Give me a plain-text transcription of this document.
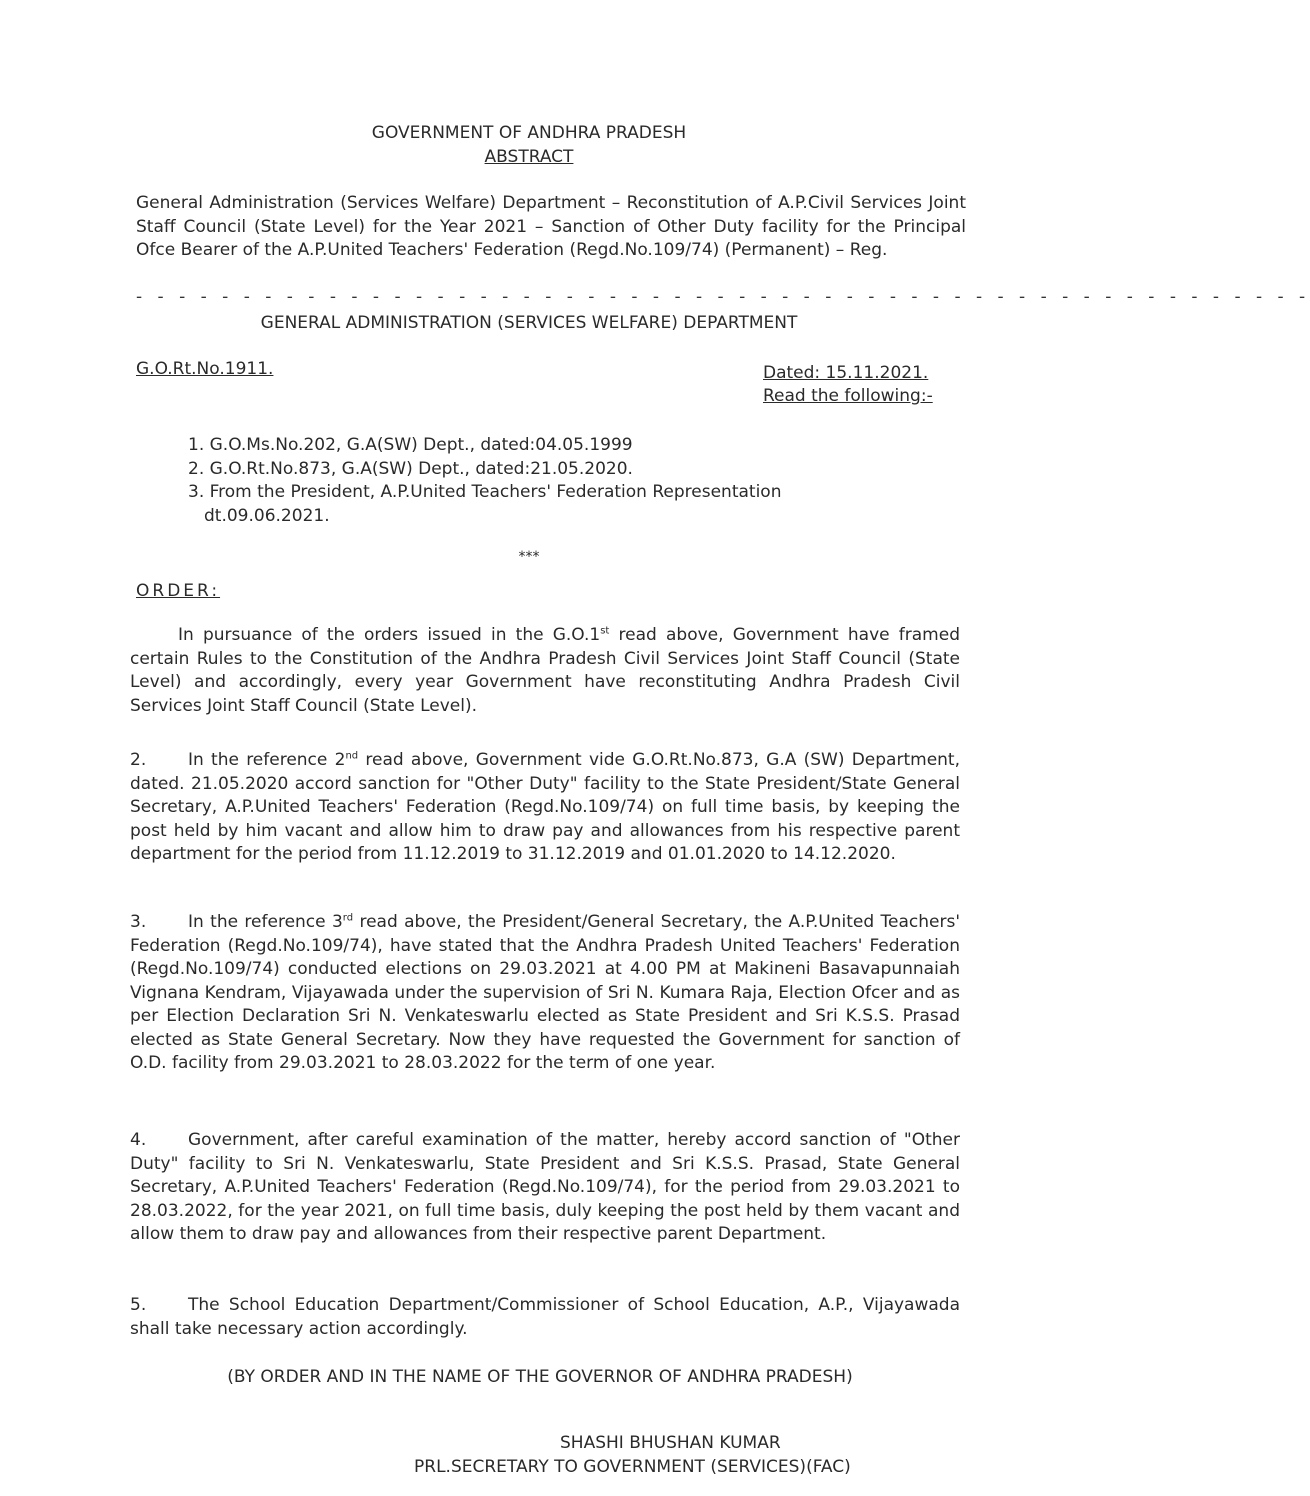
GOVERNMENT OF ANDHRA PRADESH
ABSTRACT
General Administration (Services Welfare) Department – Reconstitution of A.P.Civil Services Joint Staff Council (State Level) for the Year 2021 – Sanction of Other Duty facility for the Principal Ofce Bearer of the A.P.United Teachers' Federation (Regd.No.109/74) (Permanent) – Reg.
- - - - - - - - - - - - - - - - - - - - - - - - - - - - - - - - - - - - - - - - - - - - - - - - - - - - - - -
GENERAL ADMINISTRATION (SERVICES WELFARE) DEPARTMENT
G.O.Rt.No.1911.	Dated: 15.11.2021.
Read the following:-
1. G.O.Ms.No.202, G.A(SW) Dept., dated:04.05.1999
2. G.O.Rt.No.873, G.A(SW) Dept., dated:21.05.2020.
3. From the President, A.P.United Teachers' Federation Representation
dt.09.06.2021.
***
ORDER:
In pursuance of the orders issued in the G.O.1st read above, Government have framed certain Rules to the Constitution of the Andhra Pradesh Civil Services Joint Staff Council (State Level) and accordingly, every year Government have reconstituting Andhra Pradesh Civil Services Joint Staff Council (State Level).
2. In the reference 2nd read above, Government vide G.O.Rt.No.873, G.A (SW) Department, dated. 21.05.2020 accord sanction for "Other Duty" facility to the State President/State General Secretary, A.P.United Teachers' Federation (Regd.No.109/74) on full time basis, by keeping the post held by him vacant and allow him to draw pay and allowances from his respective parent department for the period from 11.12.2019 to 31.12.2019 and 01.01.2020 to 14.12.2020.
3. In the reference 3rd read above, the President/General Secretary, the A.P.United Teachers' Federation (Regd.No.109/74), have stated that the Andhra Pradesh United Teachers' Federation (Regd.No.109/74) conducted elections on 29.03.2021 at 4.00 PM at Makineni Basavapunnaiah Vignana Kendram, Vijayawada under the supervision of Sri N. Kumara Raja, Election Ofcer and as per Election Declaration Sri N. Venkateswarlu elected as State President and Sri K.S.S. Prasad elected as State General Secretary. Now they have requested the Government for sanction of O.D. facility from 29.03.2021 to 28.03.2022 for the term of one year.
4. Government, after careful examination of the matter, hereby accord sanction of "Other Duty" facility to Sri N. Venkateswarlu, State President and Sri K.S.S. Prasad, State General Secretary, A.P.United Teachers' Federation (Regd.No.109/74), for the period from 29.03.2021 to 28.03.2022, for the year 2021, on full time basis, duly keeping the post held by them vacant and allow them to draw pay and allowances from their respective parent Department.
5. The School Education Department/Commissioner of School Education, A.P., Vijayawada shall take necessary action accordingly.
(BY ORDER AND IN THE NAME OF THE GOVERNOR OF ANDHRA PRADESH)
SHASHI BHUSHAN KUMAR
PRL.SECRETARY TO GOVERNMENT (SERVICES)(FAC)
